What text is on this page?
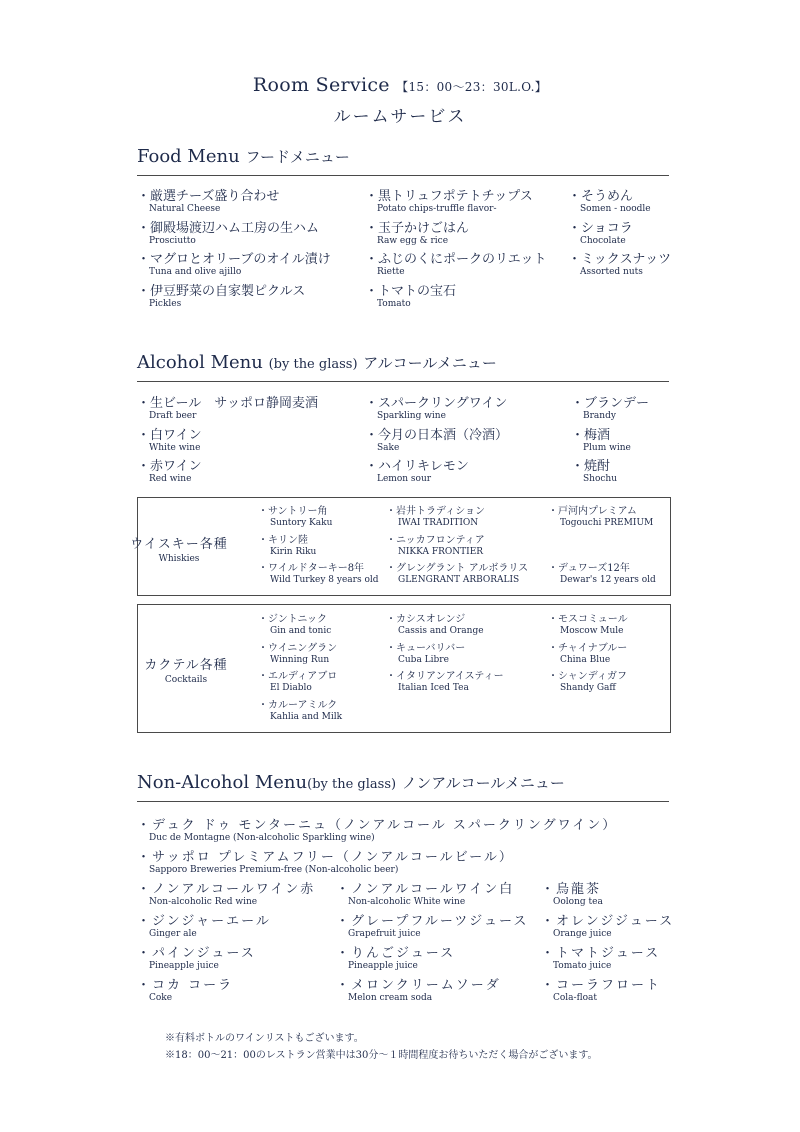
Room Service 【15：00〜23：30L.O.】
ルームサービス
Food Menu フードメニュー
・厳選チーズ盛り合わせ
Natural Cheese
・御殿場渡辺ハム工房の生ハム
Prosciutto
・マグロとオリーブのオイル漬け
Tuna and olive ajillo
・伊豆野菜の自家製ピクルス
Pickles
・黒トリュフポテトチップス
Potato chips-truffle flavor-
・玉子かけごはん
Raw egg & rice
・ふじのくにポークのリエット
Riette
・トマトの宝石
Tomato
・そうめん
Somen - noodle
・ショコラ
Chocolate
・ミックスナッツ
Assorted nuts
Alcohol Menu (by the glass) アルコールメニュー
・生ビール　サッポロ静岡麦酒
Draft beer
・白ワイン
White wine
・赤ワイン
Red wine
・スパークリングワイン
Sparkling wine
・今月の日本酒（冷酒）
Sake
・ハイリキレモン
Lemon sour
・ブランデー
Brandy
・梅酒
Plum wine
・焼酎
Shochu
ウイスキー各種
Whiskies
・サントリー角
Suntory Kaku
・キリン陸
Kirin Riku
・ワイルドターキー8年
Wild Turkey 8 years old
・岩井トラディション
IWAI TRADITION
・ニッカフロンティア
NIKKA FRONTIER
・グレングラント アルボラリス
GLENGRANT ARBORALIS
・戸河内プレミアム
Togouchi PREMIUM
・デュワーズ12年
Dewar's 12 years old
カクテル各種
Cocktails
・ジントニック
Gin and tonic
・ウイニングラン
Winning Run
・エルディアブロ
El Diablo
・カルーアミルク
Kahlia and Milk
・カシスオレンジ
Cassis and Orange
・キューバリバー
Cuba Libre
・イタリアンアイスティー
Italian Iced Tea
・モスコミュール
Moscow Mule
・チャイナブルー
China Blue
・シャンディガフ
Shandy Gaff
Non-Alcohol Menu(by the glass) ノンアルコールメニュー
・デュク ドゥ モンターニュ（ノンアルコール スパークリングワイン）
Duc de Montagne (Non-alcoholic Sparkling wine)
・サッポロ プレミアムフリー（ノンアルコールビール）
Sapporo Breweries Premium-free (Non-alcoholic beer)
・ノンアルコールワイン赤
Non-alcoholic Red wine
・ジンジャーエール
Ginger ale
・パインジュース
Pineapple juice
・コカ コーラ
Coke
・ノンアルコールワイン白
Non-alcoholic White wine
・グレープフルーツジュース
Grapefruit juice
・りんごジュース
Pineapple juice
・メロンクリームソーダ
Melon cream soda
・烏龍茶
Oolong tea
・オレンジジュース
Orange juice
・トマトジュース
Tomato juice
・コーラフロート
Cola-float
※有料ボトルのワインリストもございます。
※18：00〜21：00のレストラン営業中は30分〜１時間程度お待ちいただく場合がございます。
